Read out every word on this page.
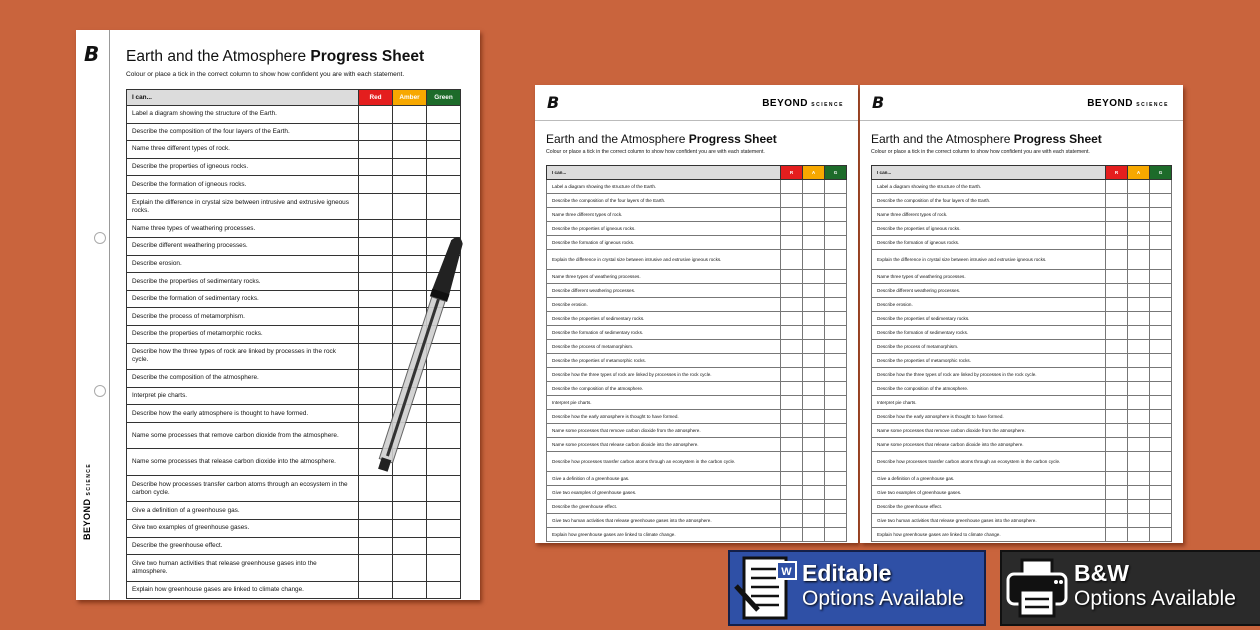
B
BEYOND SCIENCE
Earth and the Atmosphere Progress Sheet
Colour or place a tick in the correct column to show how confident you are with each statement.
I can...	Red	Amber	Green
Label a diagram showing the structure of the Earth.			
Describe the composition of the four layers of the Earth.			
Name three different types of rock.			
Describe the properties of igneous rocks.			
Describe the formation of igneous rocks.			
Explain the difference in crystal size between intrusive and extrusive igneous rocks.			
Name three types of weathering processes.			
Describe different weathering processes.			
Describe erosion.			
Describe the properties of sedimentary rocks.			
Describe the formation of sedimentary rocks.			
Describe the process of metamorphism.			
Describe the properties of metamorphic rocks.			
Describe how the three types of rock are linked by processes in the rock cycle.			
Describe the composition of the atmosphere.			
Interpret pie charts.			
Describe how the early atmosphere is thought to have formed.			
Name some processes that remove carbon dioxide from the atmosphere.			
Name some processes that release carbon dioxide into the atmosphere.			
Describe how processes transfer carbon atoms through an ecosystem in the carbon cycle.			
Give a definition of a greenhouse gas.			
Give two examples of greenhouse gases.			
Describe the greenhouse effect.			
Give two human activities that release greenhouse gases into the atmosphere.			
Explain how greenhouse gases are linked to climate change.			
B	BEYOND SCIENCE
Earth and the Atmosphere Progress Sheet
Colour or place a tick in the correct column to show how confident you are with each statement.
I can...	R	A	G
Label a diagram showing the structure of the Earth.			
Describe the composition of the four layers of the Earth.			
Name three different types of rock.			
Describe the properties of igneous rocks.			
Describe the formation of igneous rocks.			
Explain the difference in crystal size between intrusive and extrusive igneous rocks.			
Name three types of weathering processes.			
Describe different weathering processes.			
Describe erosion.			
Describe the properties of sedimentary rocks.			
Describe the formation of sedimentary rocks.			
Describe the process of metamorphism.			
Describe the properties of metamorphic rocks.			
Describe how the three types of rock are linked by processes in the rock cycle.			
Describe the composition of the atmosphere.			
Interpret pie charts.			
Describe how the early atmosphere is thought to have formed.			
Name some processes that remove carbon dioxide from the atmosphere.			
Name some processes that release carbon dioxide into the atmosphere.			
Describe how processes transfer carbon atoms through an ecosystem in the carbon cycle.			
Give a definition of a greenhouse gas.			
Give two examples of greenhouse gases.			
Describe the greenhouse effect.			
Give two human activities that release greenhouse gases into the atmosphere.			
Explain how greenhouse gases are linked to climate change.			
B	BEYOND SCIENCE
Earth and the Atmosphere Progress Sheet
Colour or place a tick in the correct column to show how confident you are with each statement.
I can...	R	A	G
Label a diagram showing the structure of the Earth.			
Describe the composition of the four layers of the Earth.			
Name three different types of rock.			
Describe the properties of igneous rocks.			
Describe the formation of igneous rocks.			
Explain the difference in crystal size between intrusive and extrusive igneous rocks.			
Name three types of weathering processes.			
Describe different weathering processes.			
Describe erosion.			
Describe the properties of sedimentary rocks.			
Describe the formation of sedimentary rocks.			
Describe the process of metamorphism.			
Describe the properties of metamorphic rocks.			
Describe how the three types of rock are linked by processes in the rock cycle.			
Describe the composition of the atmosphere.			
Interpret pie charts.			
Describe how the early atmosphere is thought to have formed.			
Name some processes that remove carbon dioxide from the atmosphere.			
Name some processes that release carbon dioxide into the atmosphere.			
Describe how processes transfer carbon atoms through an ecosystem in the carbon cycle.			
Give a definition of a greenhouse gas.			
Give two examples of greenhouse gases.			
Describe the greenhouse effect.			
Give two human activities that release greenhouse gases into the atmosphere.			
Explain how greenhouse gases are linked to climate change.			
W Editable
Options Available
B&W
Options Available
